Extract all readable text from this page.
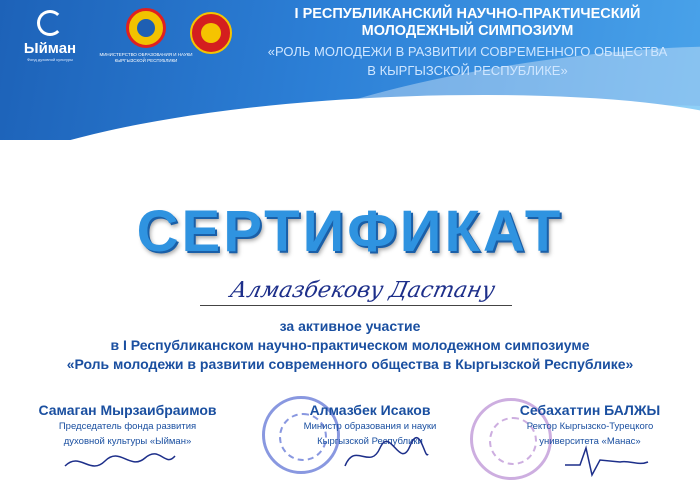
Ыйман
Фонд духовной культуры
МИНИСТЕРСТВО ОБРАЗОВАНИЯ И НАУКИ КЫРГЫЗСКОЙ РЕСПУБЛИКИ
I РЕСПУБЛИКАНСКИЙ НАУЧНО-ПРАКТИЧЕСКИЙ
МОЛОДЕЖНЫЙ СИМПОЗИУМ
«РОЛЬ МОЛОДЕЖИ В РАЗВИТИИ СОВРЕМЕННОГО ОБЩЕСТВА
В КЫРГЫЗСКОЙ РЕСПУБЛИКЕ»
СЕРТИФИКАТ
Алмазбекову Дастану
за активное участие
в I Республиканском научно-практическом молодежном симпозиуме
«Роль молодежи в развитии современного общества в Кыргызской Республике»
Самаган Мырзаибраимов
Председатель фонда развития
духовной культуры «Ыйман»
Алмазбек Исаков
Министр образования и науки
Кыргызской Республики
Себахаттин БАЛЖЫ
Ректор Кыргызско-Турецкого
университета «Манас»
